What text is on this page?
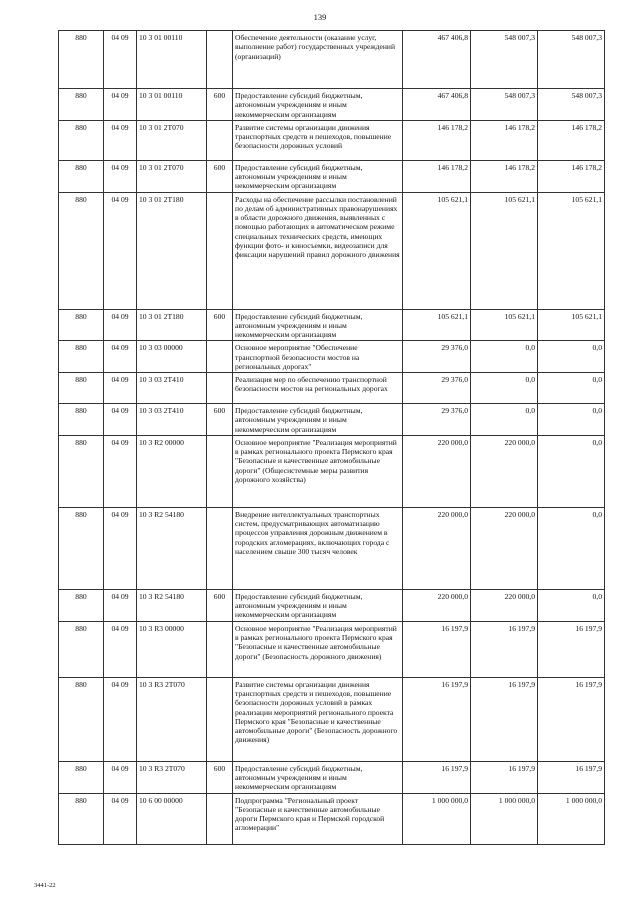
139
880	04 09	10 3 01 00110		Обеспечение деятельности (оказание услуг, выполнение работ) государственных учреждений (организаций)	467 406,8	548 007,3	548 007,3
880	04 09	10 3 01 00110	600	Предоставление субсидий бюджетным, автономным учреждениям и иным некоммерческим организациям	467 406,8	548 007,3	548 007,3
880	04 09	10 3 01 2Т070		Развитие системы организации движения транспортных средств и пешеходов, повышение безопасности дорожных условий	146 178,2	146 178,2	146 178,2
880	04 09	10 3 01 2Т070	600	Предоставление субсидий бюджетным, автономным учреждениям и иным некоммерческим организациям	146 178,2	146 178,2	146 178,2
880	04 09	10 3 01 2Т180		Расходы на обеспечение рассылки постановлений по делам об административных правонарушениях в области дорожного движения, выявленных с помощью работающих в автоматическом режиме специальных технических средств, имеющих функции фото- и киносъемки, видеозаписи для фиксации нарушений правил дорожного движения	105 621,1	105 621,1	105 621,1
880	04 09	10 3 01 2Т180	600	Предоставление субсидий бюджетным, автономным учреждениям и иным некоммерческим организациям	105 621,1	105 621,1	105 621,1
880	04 09	10 3 03 00000		Основное мероприятие "Обеспечение транспортной безопасности мостов на региональных дорогах"	29 376,0	0,0	0,0
880	04 09	10 3 03 2Т410		Реализация мер по обеспечению транспортной безопасности мостов на региональных дорогах	29 376,0	0,0	0,0
880	04 09	10 3 03 2Т410	600	Предоставление субсидий бюджетным, автономным учреждениям и иным некоммерческим организациям	29 376,0	0,0	0,0
880	04 09	10 3 R2 00000		Основное мероприятие "Реализация мероприятий в рамках регионального проекта Пермского края "Безопасные и качественные автомобильные дороги" (Общесистемные меры развития дорожного хозяйства)	220 000,0	220 000,0	0,0
880	04 09	10 3 R2 54180		Внедрение интеллектуальных транспортных систем, предусматривающих автоматизацию процессов управления дорожным движением в городских агломерациях, включающих города с населением свыше 300 тысяч человек	220 000,0	220 000,0	0,0
880	04 09	10 3 R2 54180	600	Предоставление субсидий бюджетным, автономным учреждениям и иным некоммерческим организациям	220 000,0	220 000,0	0,0
880	04 09	10 3 R3 00000		Основное мероприятие "Реализация мероприятий в рамках регионального проекта Пермского края "Безопасные и качественные автомобильные дороги" (Безопасность дорожного движения)	16 197,9	16 197,9	16 197,9
880	04 09	10 3 R3 2Т070		Развитие системы организации движения транспортных средств и пешеходов, повышение безопасности дорожных условий в рамках реализации мероприятий регионального проекта Пермского края "Безопасные и качественные автомобильные дороги" (Безопасность дорожного движения)	16 197,9	16 197,9	16 197,9
880	04 09	10 3 R3 2Т070	600	Предоставление субсидий бюджетным, автономным учреждениям и иным некоммерческим организациям	16 197,9	16 197,9	16 197,9
880	04 09	10 6 00 00000		Подпрограмма "Региональный проект "Безопасные и качественные автомобильные дороги Пермского края и Пермской городской агломерации"	1 000 000,0	1 000 000,0	1 000 000,0
3441-22
